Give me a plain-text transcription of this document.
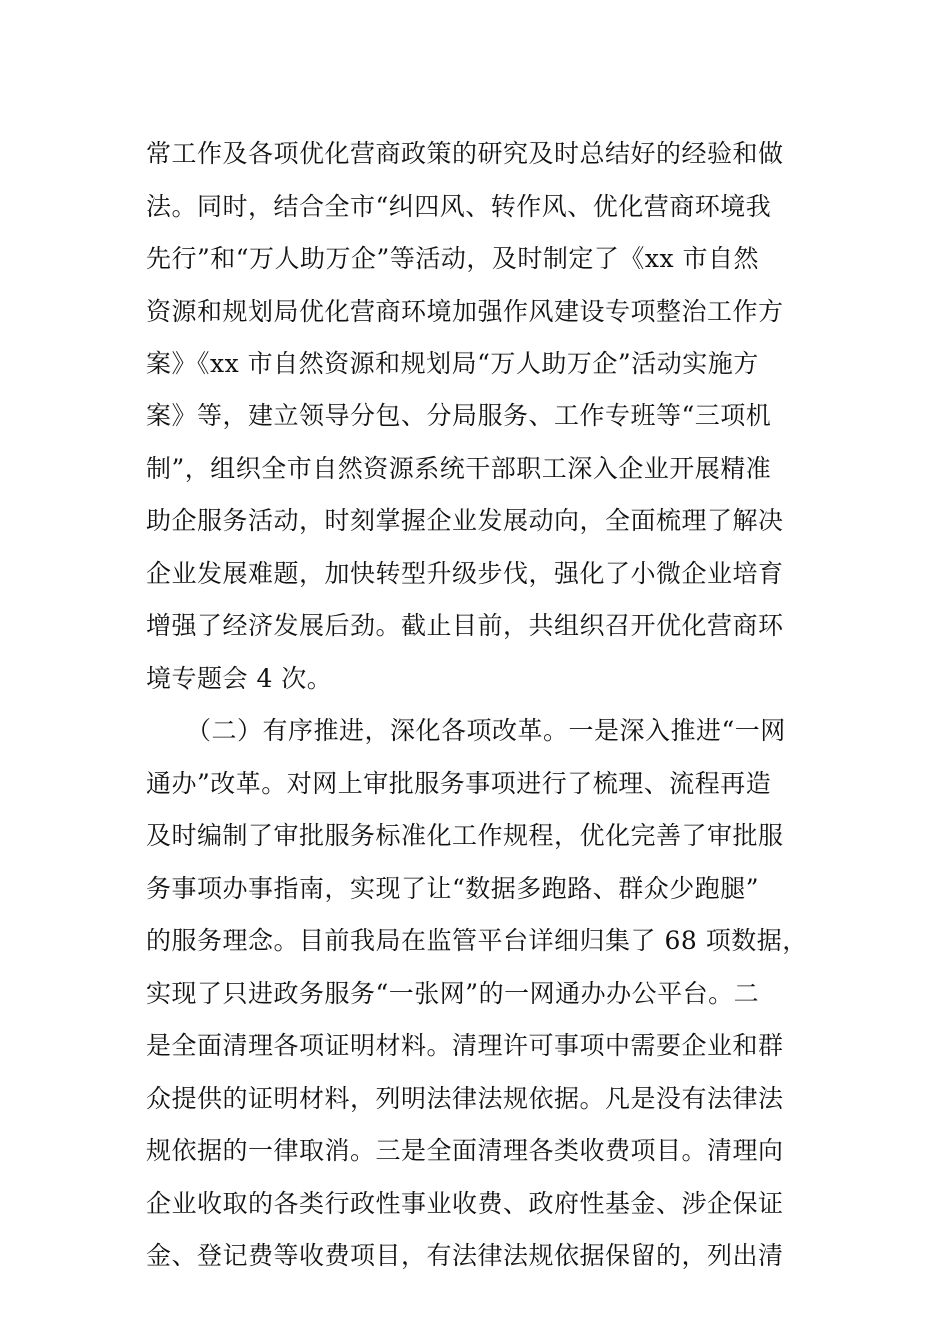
常工作及各项优化营商政策的研究及时总结好的经验和做
法。同时，结合全市“纠四风、转作风、优化营商环境我
先行”和“万人助万企”等活动，及时制定了《xx 市自然
资源和规划局优化营商环境加强作风建设专项整治工作方
案》《xx 市自然资源和规划局“万人助万企”活动实施方
案》等，建立领导分包、分局服务、工作专班等“三项机
制”，组织全市自然资源系统干部职工深入企业开展精准
助企服务活动，时刻掌握企业发展动向，全面梳理了解决
企业发展难题，加快转型升级步伐，强化了小微企业培育
增强了经济发展后劲。截止目前，共组织召开优化营商环
境专题会 4 次。
（二）有序推进，深化各项改革。一是深入推进“一网
通办”改革。对网上审批服务事项进行了梳理、流程再造
及时编制了审批服务标准化工作规程，优化完善了审批服
务事项办事指南，实现了让“数据多跑路、群众少跑腿”
的服务理念。目前我局在监管平台详细归集了 68 项数据，
实现了只进政务服务“一张网”的一网通办办公平台。二
是全面清理各项证明材料。清理许可事项中需要企业和群
众提供的证明材料，列明法律法规依据。凡是没有法律法
规依据的一律取消。三是全面清理各类收费项目。清理向
企业收取的各类行政性事业收费、政府性基金、涉企保证
金、登记费等收费项目，有法律法规依据保留的，列出清
